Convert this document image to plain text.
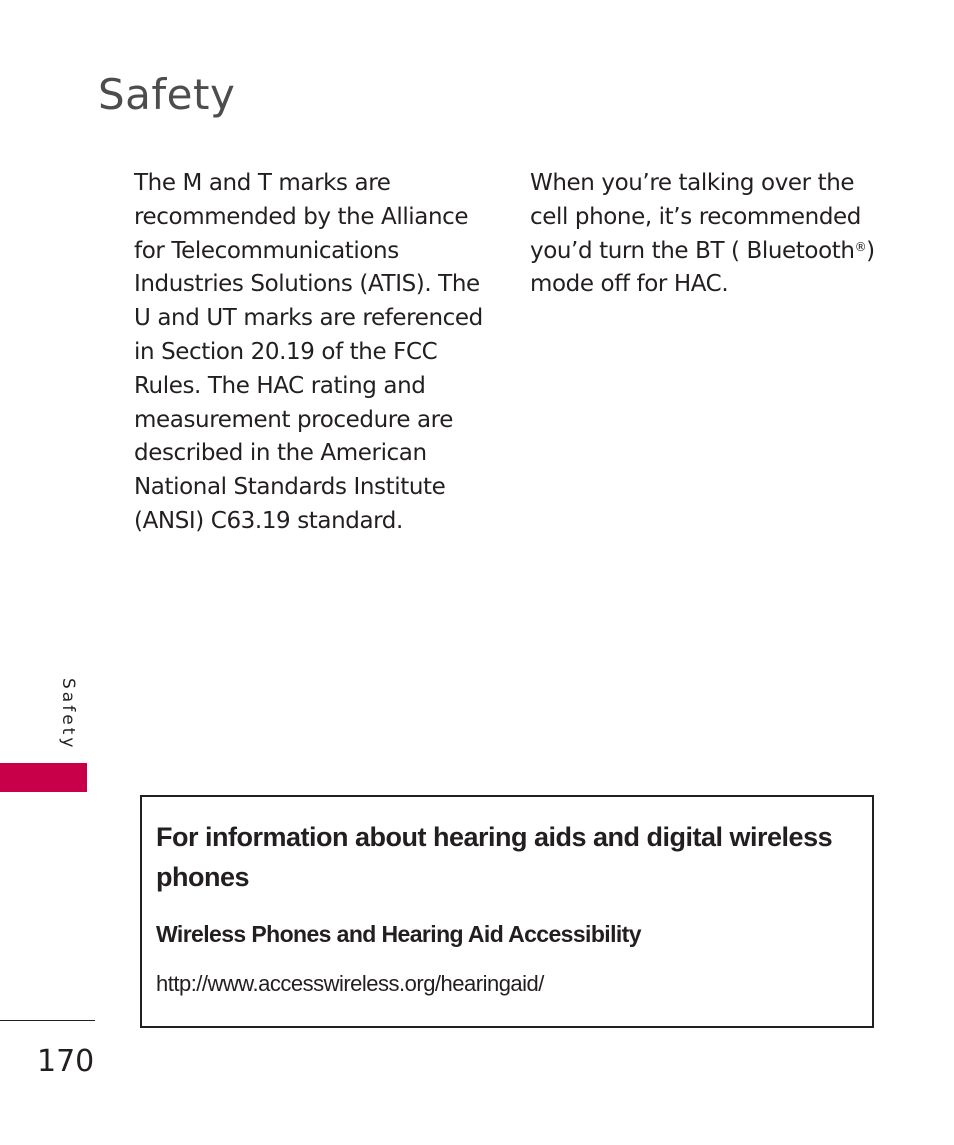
Safety

The M and T marks are recommended by the Alliance for Telecommunications Industries Solutions (ATIS). The U and UT marks are referenced in Section 20.19 of the FCC Rules. The HAC rating and measurement procedure are described in the American National Standards Institute (ANSI) C63.19 standard.

When you’re talking over the cell phone, it’s recommended you’d turn the BT ( Bluetooth®) mode off for HAC.

Safety
For information about hearing aids and digital wireless phones
Wireless Phones and Hearing Aid Accessibility
http://www.accesswireless.org/hearingaid/
170
